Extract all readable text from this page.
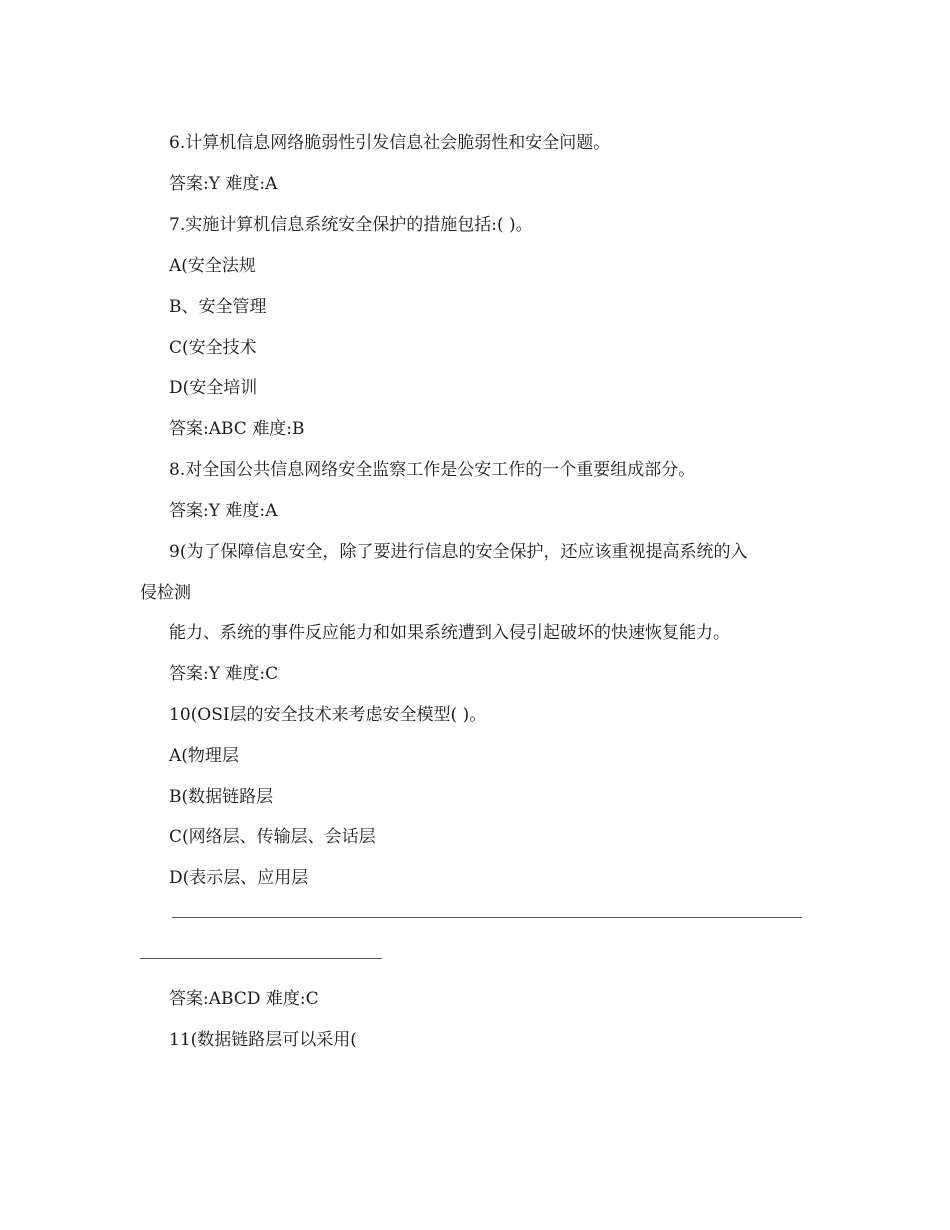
6.计算机信息网络脆弱性引发信息社会脆弱性和安全问题。
答案:Y 难度:A
7.实施计算机信息系统安全保护的措施包括:( )。
A(安全法规
B、安全管理
C(安全技术
D(安全培训
答案:ABC 难度:B
8.对全国公共信息网络安全监察工作是公安工作的一个重要组成部分。
答案:Y 难度:A
9(为了保障信息安全，除了要进行信息的安全保护，还应该重视提高系统的入
侵检测
能力、系统的事件反应能力和如果系统遭到入侵引起破坏的快速恢复能力。
答案:Y 难度:C
10(OSI层的安全技术来考虑安全模型( )。
A(物理层
B(数据链路层
C(网络层、传输层、会话层
D(表示层、应用层
答案:ABCD 难度:C
11(数据链路层可以采用(
